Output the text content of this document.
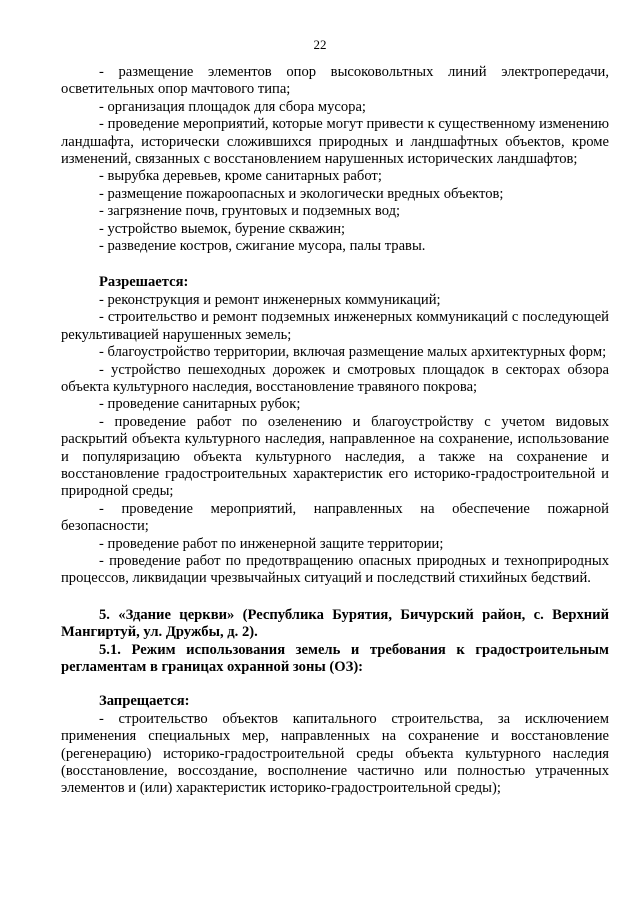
22

- размещение элементов опор высоковольтных линий электропередачи, осветительных опор мачтового типа;

- организация площадок для сбора мусора;

- проведение мероприятий, которые могут привести к существенному изменению ландшафта, исторически сложившихся природных и ландшафтных объектов, кроме изменений, связанных с восстановлением нарушенных исторических ландшафтов;

- вырубка деревьев, кроме санитарных работ;

- размещение пожароопасных и экологически вредных объектов;

- загрязнение почв, грунтовых и подземных вод;

- устройство выемок, бурение скважин;

- разведение костров, сжигание мусора, палы травы.

Разрешается:

- реконструкция и ремонт инженерных коммуникаций;

- строительство и ремонт подземных инженерных коммуникаций с последующей рекультивацией нарушенных земель;

- благоустройство территории, включая размещение малых архитектурных форм;

- устройство пешеходных дорожек и смотровых площадок в секторах обзора объекта культурного наследия, восстановление травяного покрова;

- проведение санитарных рубок;

- проведение работ по озеленению и благоустройству с учетом видовых раскрытий объекта культурного наследия, направленное на сохранение, использование и популяризацию объекта культурного наследия, а также на сохранение и восстановление градостроительных характеристик его историко-градостроительной и природной среды;

- проведение мероприятий, направленных на обеспечение пожарной безопасности;

- проведение работ по инженерной защите территории;

- проведение работ по предотвращению опасных природных и технoприродных процессов, ликвидации чрезвычайных ситуаций и последствий стихийных бедствий.

5. «Здание церкви» (Республика Бурятия, Бичурский район, с. Верхний Мангиртуй, ул. Дружбы, д. 2).

5.1. Режим использования земель и требования к градостроительным регламентам в границах охранной зоны (ОЗ):

Запрещается:

- строительство объектов капитального строительства, за исключением применения специальных мер, направленных на сохранение и восстановление (регенерацию) историко-градостроительной среды объекта культурного наследия (восстановление, воссоздание, восполнение частично или полностью утраченных элементов и (или) характеристик историко-градостроительной среды);
